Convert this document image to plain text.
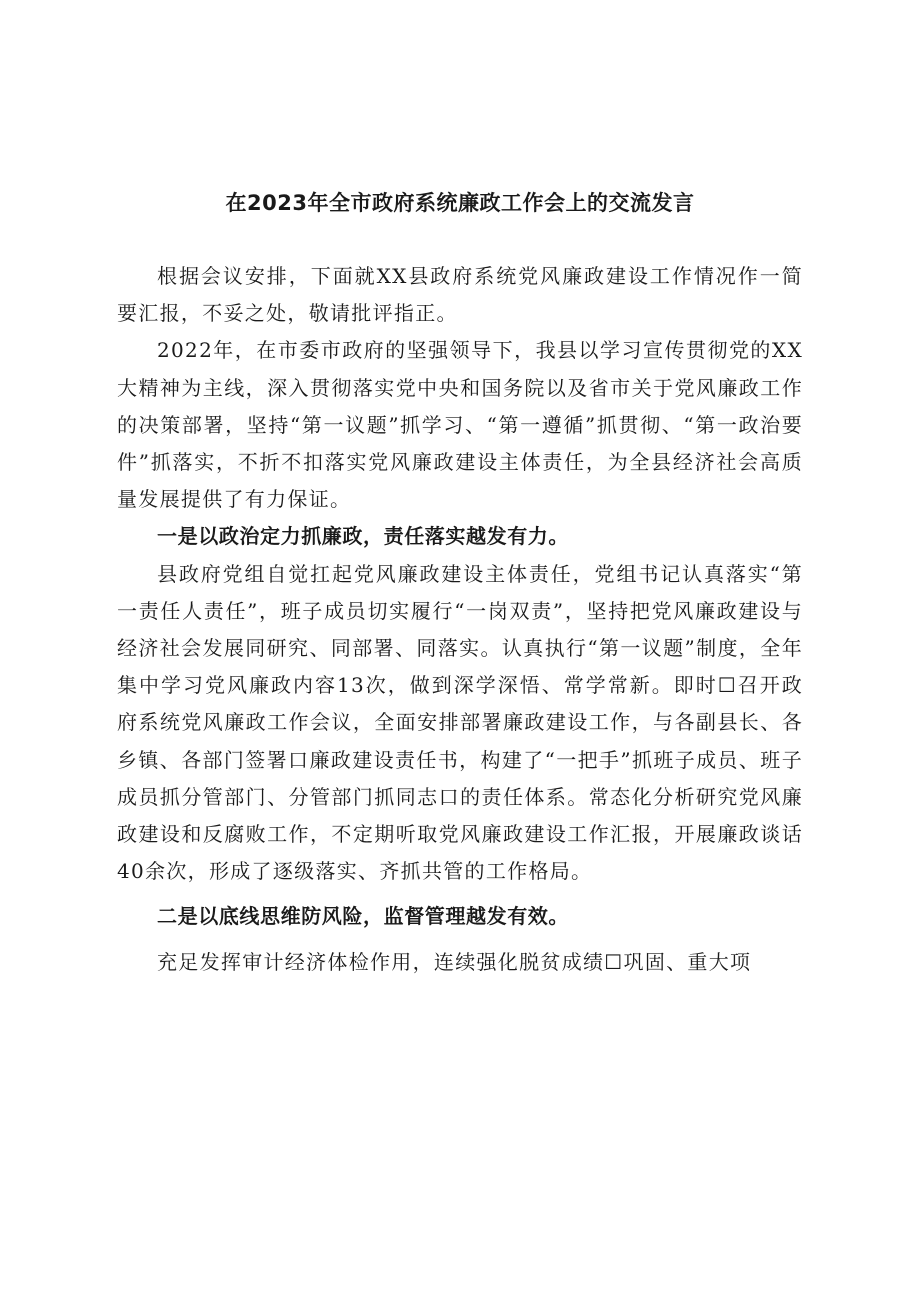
在2023年全市政府系统廉政工作会上的交流发言

根据会议安排，下面就XX县政府系统党风廉政建设工作情况作一简要汇报，不妥之处，敬请批评指正。

2022年，在市委市政府的坚强领导下，我县以学习宣传贯彻党的XX大精神为主线，深入贯彻落实党中央和国务院以及省市关于党风廉政工作的决策部署，坚持“第一议题”抓学习、“第一遵循”抓贯彻、“第一政治要件”抓落实，不折不扣落实党风廉政建设主体责任，为全县经济社会高质量发展提供了有力保证。

一是以政治定力抓廉政，责任落实越发有力。

县政府党组自觉扛起党风廉政建设主体责任，党组书记认真落实“第一责任人责任”，班子成员切实履行“一岗双责”，坚持把党风廉政建设与经济社会发展同研究、同部署、同落实。认真执行“第一议题”制度，全年集中学习党风廉政内容13次，做到深学深悟、常学常新。即时☐召开政府系统党风廉政工作会议，全面安排部署廉政建设工作，与各副县长、各乡镇、各部门签署口廉政建设责任书，构建了“一把手”抓班子成员、班子成员抓分管部门、分管部门抓同志口的责任体系。常态化分析研究党风廉政建设和反腐败工作，不定期听取党风廉政建设工作汇报，开展廉政谈话40余次，形成了逐级落实、齐抓共管的工作格局。

二是以底线思维防风险，监督管理越发有效。

充足发挥审计经济体检作用，连续强化脱贫成绩☐巩固、重大项
